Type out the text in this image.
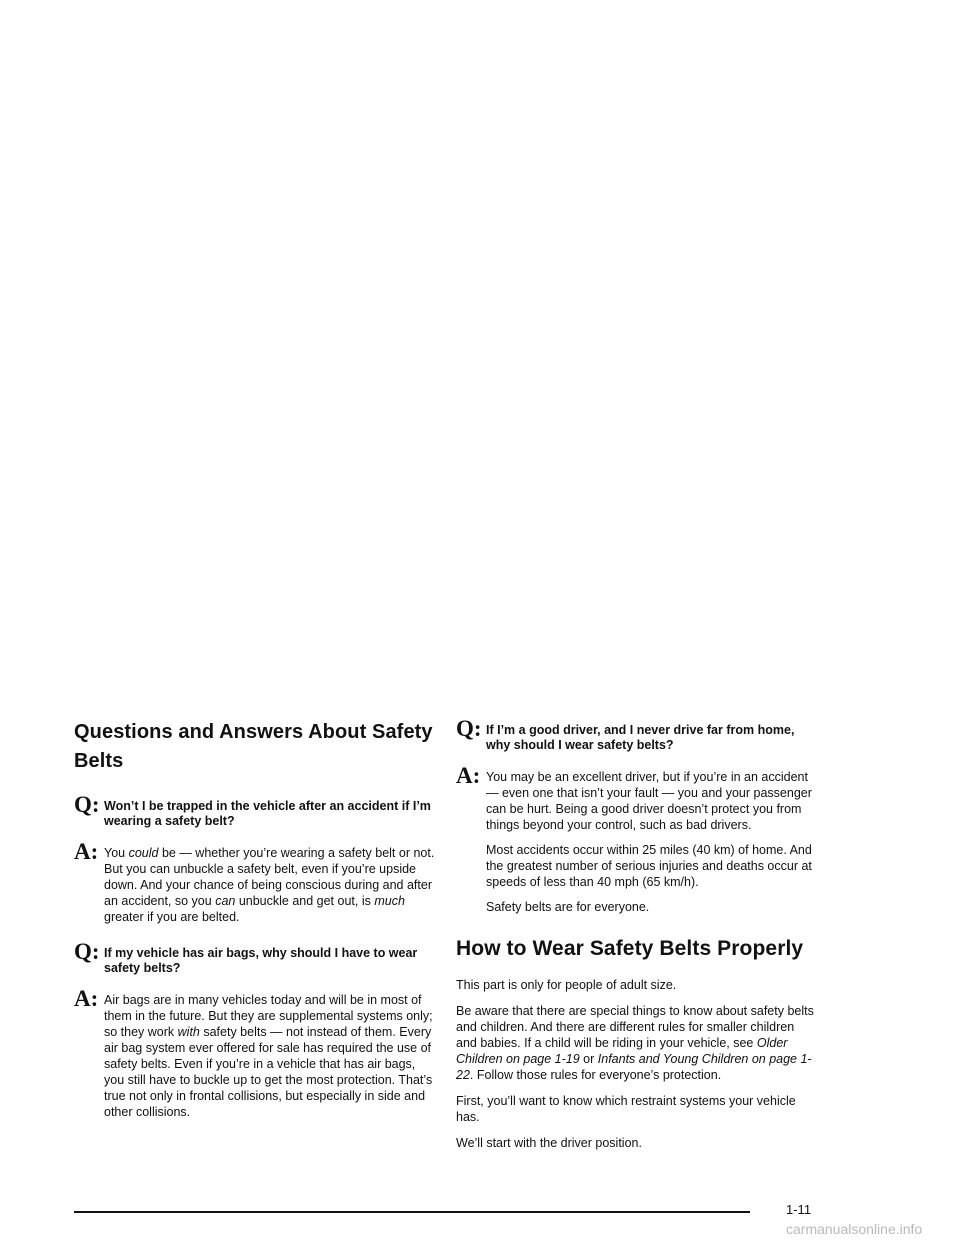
Questions and Answers About Safety Belts
Q: Won’t I be trapped in the vehicle after an accident if I’m wearing a safety belt?
A: You could be — whether you’re wearing a safety belt or not. But you can unbuckle a safety belt, even if you’re upside down. And your chance of being conscious during and after an accident, so you can unbuckle and get out, is much greater if you are belted.
Q: If my vehicle has air bags, why should I have to wear safety belts?
A: Air bags are in many vehicles today and will be in most of them in the future. But they are supplemental systems only; so they work with safety belts — not instead of them. Every air bag system ever offered for sale has required the use of safety belts. Even if you’re in a vehicle that has air bags, you still have to buckle up to get the most protection. That’s true not only in frontal collisions, but especially in side and other collisions.
Q: If I’m a good driver, and I never drive far from home, why should I wear safety belts?
A: You may be an excellent driver, but if you’re in an accident — even one that isn’t your fault — you and your passenger can be hurt. Being a good driver doesn’t protect you from things beyond your control, such as bad drivers.

Most accidents occur within 25 miles (40 km) of home. And the greatest number of serious injuries and deaths occur at speeds of less than 40 mph (65 km/h).

Safety belts are for everyone.

How to Wear Safety Belts Properly

This part is only for people of adult size.

Be aware that there are special things to know about safety belts and children. And there are different rules for smaller children and babies. If a child will be riding in your vehicle, see Older Children on page 1-19 or Infants and Young Children on page 1-22. Follow those rules for everyone’s protection.

First, you’ll want to know which restraint systems your vehicle has.

We’ll start with the driver position.

1-11
carmanualsonline.info
